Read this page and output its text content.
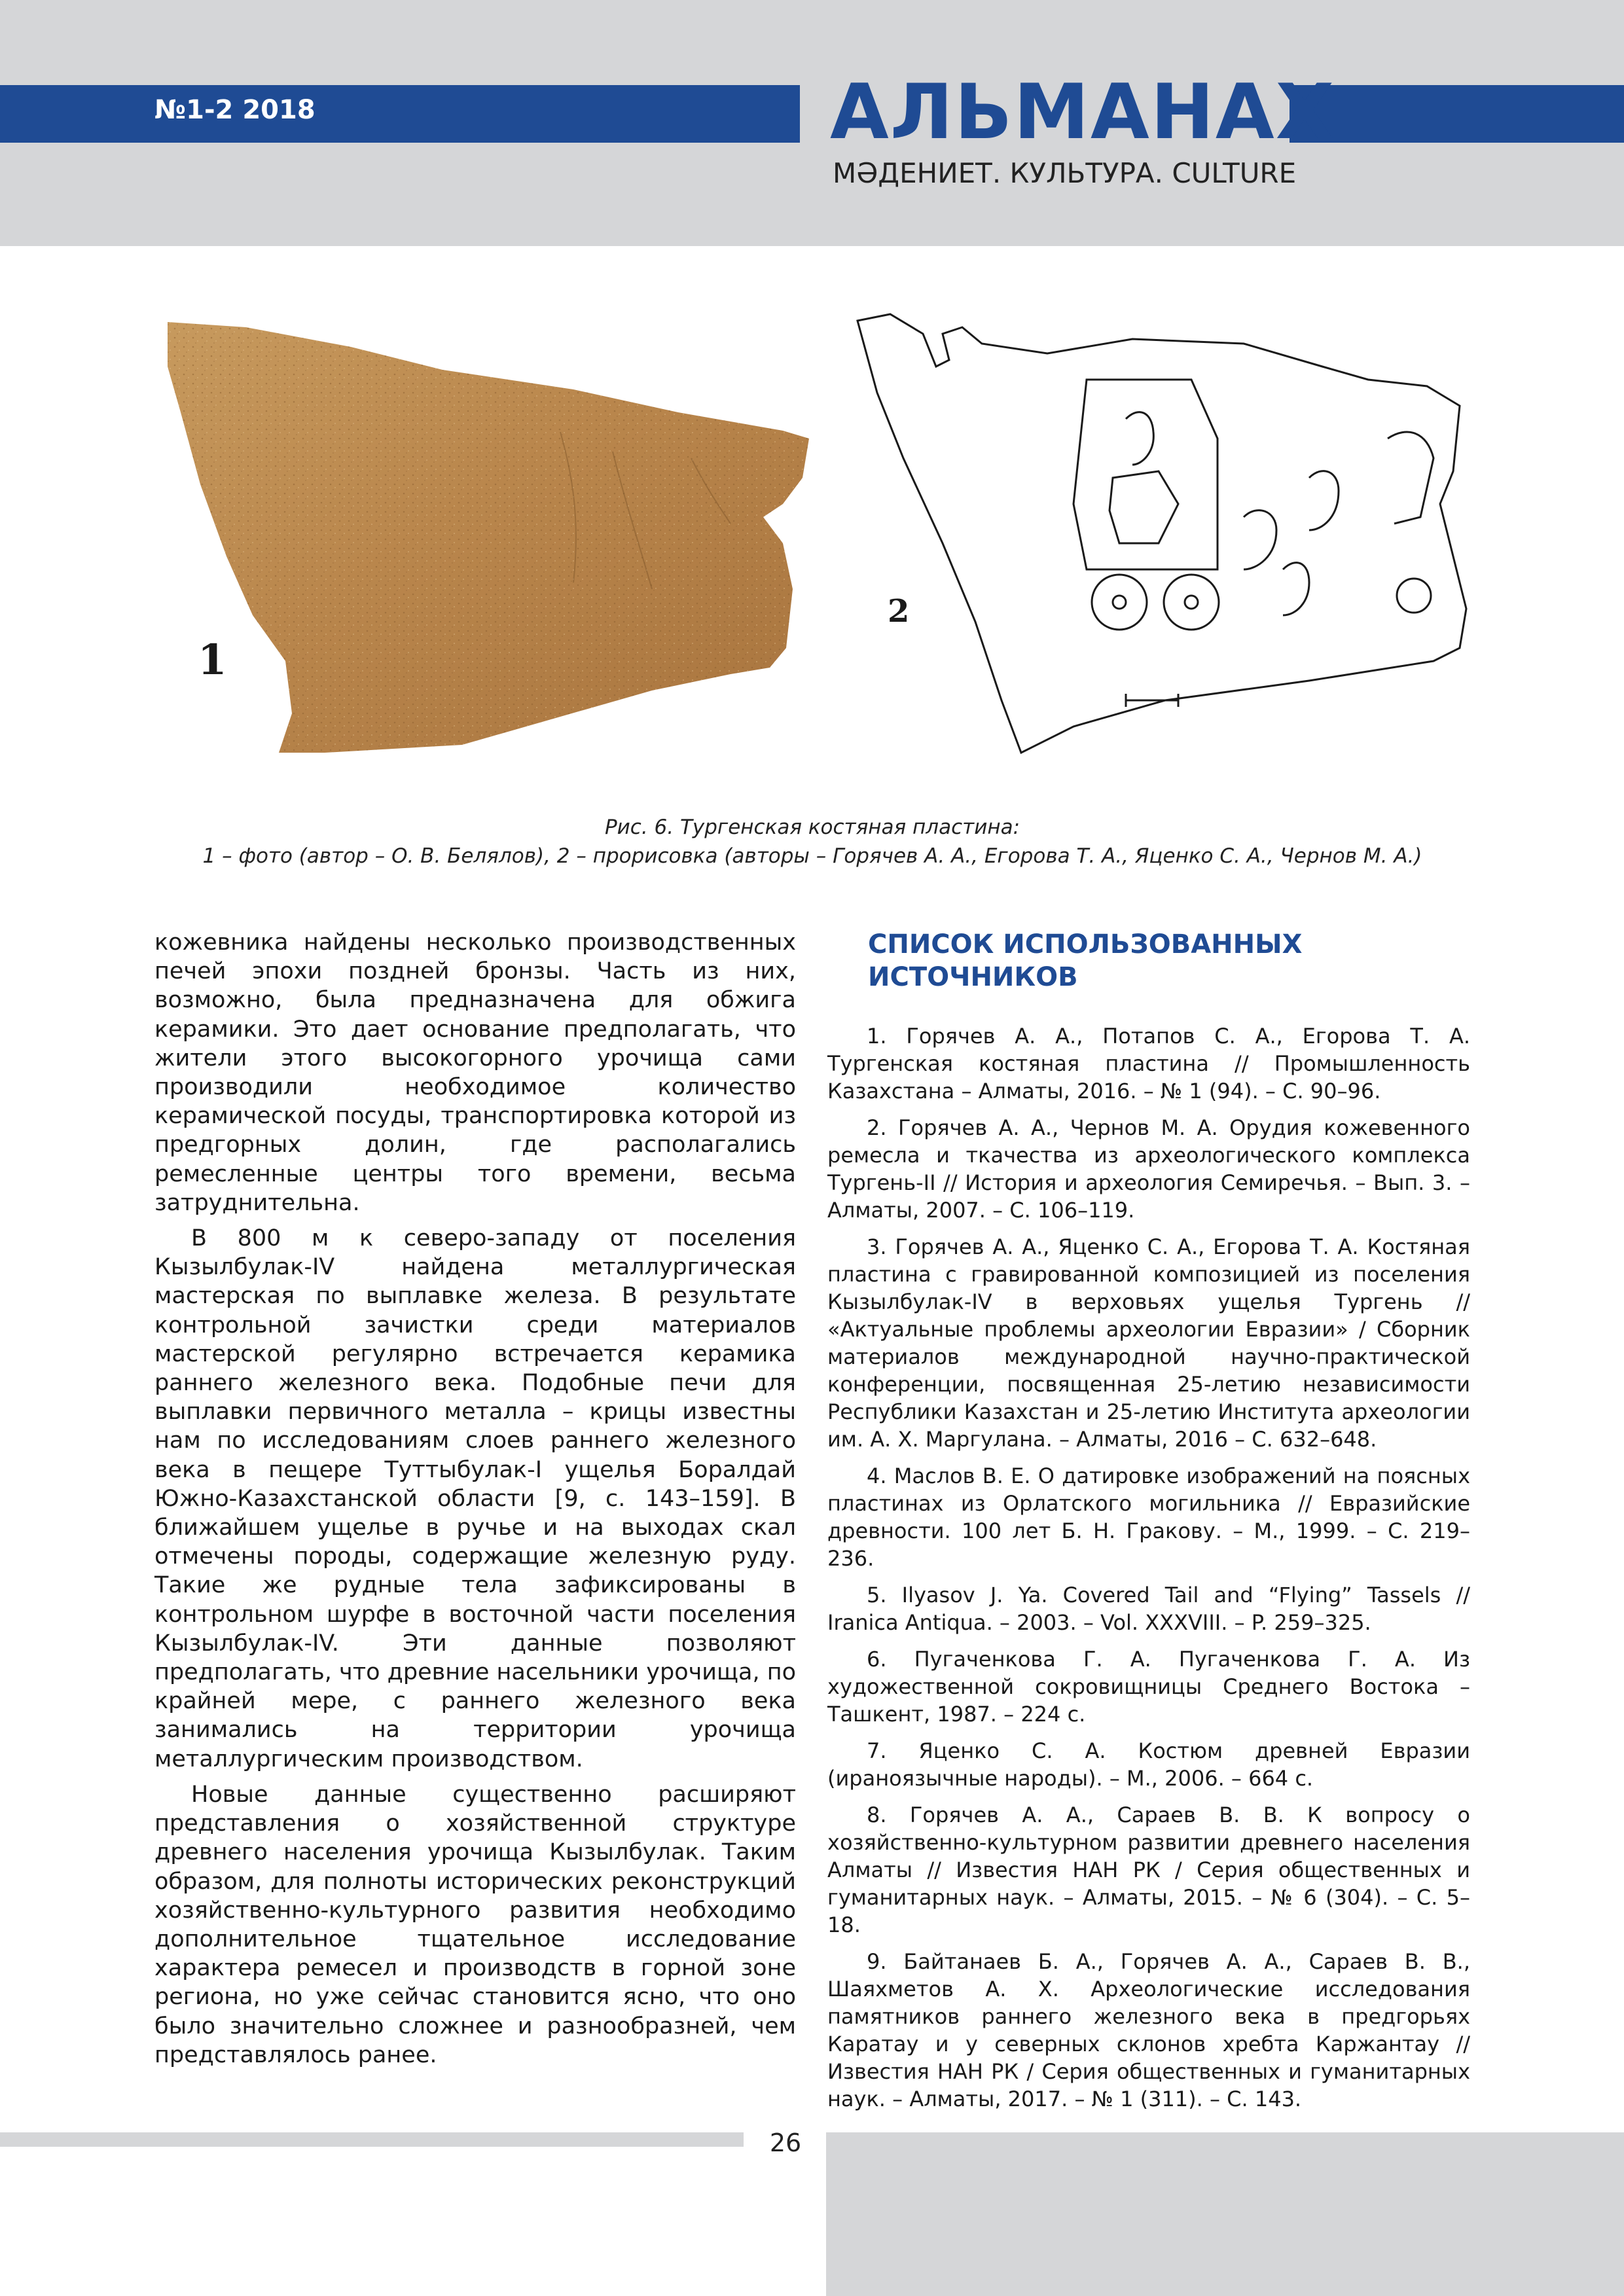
№1-2 2018	АЛЬМАНАХ
МӘДЕНИЕТ. КУЛЬТУРА. CULTURE
1
2
Рис. 6. Тургенская костяная пластина:
1 – фото (автор – О. В. Белялов), 2 – прорисовка (авторы – Горячев А. А., Егорова Т. А., Яценко С. А., Чернов М. А.)

кожевника найдены несколько производственных печей эпохи поздней бронзы. Часть из них, возможно, была предназначена для обжига керамики. Это дает основание предполагать, что жители этого высокогорного урочища сами производили необходимое количество керамической посуды, транспортировка которой из предгорных долин, где располагались ремесленные центры того времени, весьма затруднительна.

В 800 м к северо-западу от поселения Кызылбулак-IV найдена металлургическая мастерская по выплавке железа. В результате контрольной зачистки среди материалов мастерской регулярно встречается керамика раннего железного века. Подобные печи для выплавки первичного металла – крицы известны нам по исследованиям слоев раннего железного века в пещере Туттыбулак-I ущелья Боралдай Южно-Казахстанской области [9, с. 143–159]. В ближайшем ущелье в ручье и на выходах скал отмечены породы, содержащие железную руду. Такие же рудные тела зафиксированы в контрольном шурфе в восточной части поселения Кызылбулак-IV. Эти данные позволяют предполагать, что древние насельники урочища, по крайней мере, с раннего железного века занимались на территории урочища металлургическим производством.

Новые данные существенно расширяют представления о хозяйственной структуре древнего населения урочища Кызылбулак. Таким образом, для полноты исторических реконструкций хозяйственно-культурного развития необходимо дополнительное тщательное исследование характера ремесел и производств в горной зоне региона, но уже сейчас становится ясно, что оно было значительно сложнее и разнообразней, чем представлялось ранее.

СПИСОК ИСПОЛЬЗОВАННЫХ ИСТОЧНИКОВ

1. Горячев А. А., Потапов С. А., Егорова Т. А. Тургенская костяная пластина // Промышленность Казахстана – Алматы, 2016. – № 1 (94). – С. 90–96.

2. Горячев А. А., Чернов М. А. Орудия кожевенного ремесла и ткачества из археологического комплекса Тургень-II // История и археология Семиречья. – Вып. 3. – Алматы, 2007. – С. 106–119.

3. Горячев А. А., Яценко С. А., Егорова Т. А. Костяная пластина с гравированной композицией из поселения Кызылбулак-IV в верховьях ущелья Тургень // «Актуальные проблемы археологии Евразии» / Сборник материалов международной научно-практической конференции, посвященная 25-летию независимости Республики Казахстан и 25-летию Института археологии им. А. Х. Маргулана. – Алматы, 2016 – С. 632–648.

4. Маслов В. Е. О датировке изображений на поясных пластинах из Орлатского могильника // Евразийские древности. 100 лет Б. Н. Гракову. – М., 1999. – С. 219–236.

5. Ilyasov J. Ya. Covered Tail and “Flying” Tassels // Iranica Antiqua. – 2003. – Vol. XXXVIII. – P. 259–325.

6. Пугаченкова Г. А. Пугаченкова Г. А. Из художественной сокровищницы Среднего Востока – Ташкент, 1987. – 224 с.

7. Яценко С. А. Костюм древней Евразии (ираноязычные народы). – М., 2006. – 664 с.

8. Горячев А. А., Сараев В. В. К вопросу о хозяйственно-культурном развитии древнего населения Алматы // Известия НАН РК / Серия общественных и гуманитарных наук. – Алматы, 2015. – № 6 (304). – С. 5–18.

9. Байтанаев Б. А., Горячев А. А., Сараев В. В., Шаяхметов А. Х. Археологические исследования памятников раннего железного века в предгорьях Каратау и у северных склонов хребта Каржантау // Известия НАН РК / Серия общественных и гуманитарных наук. – Алматы, 2017. – № 1 (311). – С. 143.

26
